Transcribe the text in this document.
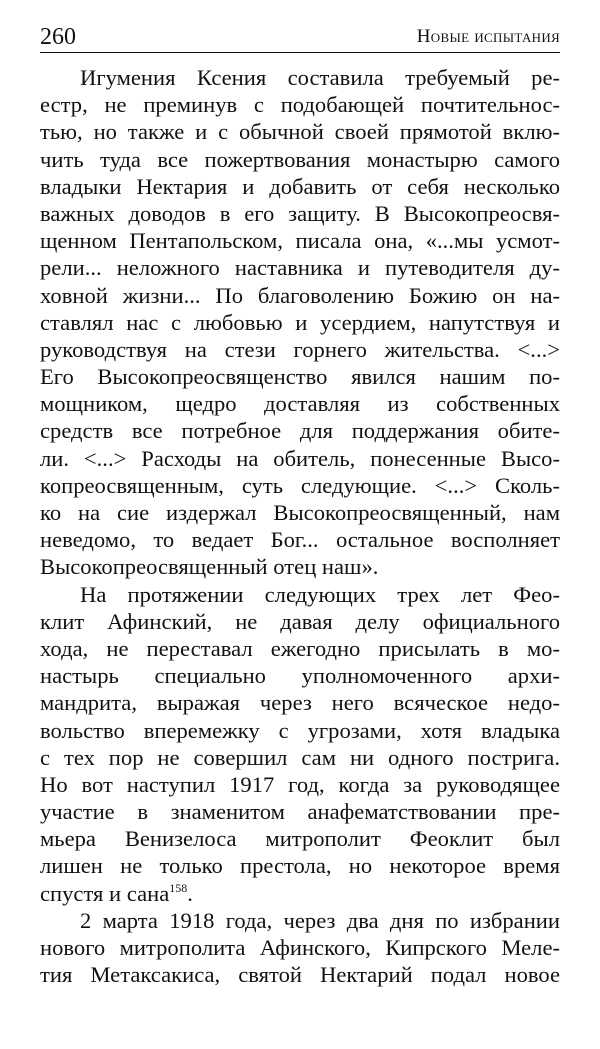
260	Новые испытания
Игумения Ксения составила требуемый ре-
естр, не преминув с подобающей почтительнос-
тью, но также и с обычной своей прямотой вклю-
чить туда все пожертвования монастырю самого
владыки Нектария и добавить от себя несколько
важных доводов в его защиту. В Высокопреосвя-
щенном Пентапольском, писала она, «...мы усмот-
рели... неложного наставника и путеводителя ду-
ховной жизни... По благоволению Божию он на-
ставлял нас с любовью и усердием, напутствуя и
руководствуя на стези горнего жительства. <...>
Его Высокопреосвященство явился нашим по-
мощником, щедро доставляя из собственных
средств все потребное для поддержания обите-
ли. <...> Расходы на обитель, понесенные Высо-
копреосвященным, суть следующие. <...> Сколь-
ко на сие издержал Высокопреосвященный, нам
неведомо, то ведает Бог... остальное восполняет
Высокопреосвященный отец наш».
На протяжении следующих трех лет Фео-
клит Афинский, не давая делу официального
хода, не переставал ежегодно присылать в мо-
настырь специально уполномоченного архи-
мандрита, выражая через него всяческое недо-
вольство вперемежку с угрозами, хотя владыка
с тех пор не совершил сам ни одного пострига.
Но вот наступил 1917 год, когда за руководящее
участие в знаменитом анафематствовании пре-
мьера Венизелоса митрополит Феоклит был
лишен не только престола, но некоторое время
спустя и сана$^{158}$.
2 марта 1918 года, через два дня по избрании
нового митрополита Афинского, Кипрского Меле-
тия Метаксакиса, святой Нектарий подал новое
